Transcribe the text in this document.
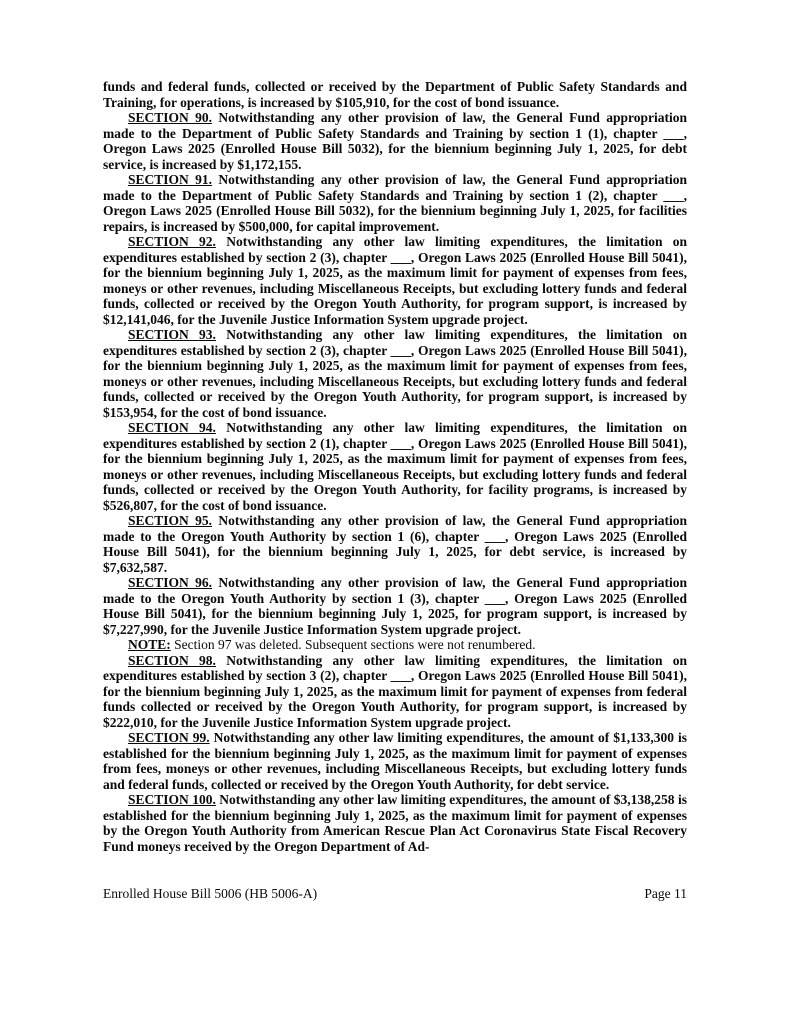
funds and federal funds, collected or received by the Department of Public Safety Standards and Training, for operations, is increased by $105,910, for the cost of bond issuance.

SECTION 90. Notwithstanding any other provision of law, the General Fund appropriation made to the Department of Public Safety Standards and Training by section 1 (1), chapter ___, Oregon Laws 2025 (Enrolled House Bill 5032), for the biennium beginning July 1, 2025, for debt service, is increased by $1,172,155.

SECTION 91. Notwithstanding any other provision of law, the General Fund appropriation made to the Department of Public Safety Standards and Training by section 1 (2), chapter ___, Oregon Laws 2025 (Enrolled House Bill 5032), for the biennium beginning July 1, 2025, for facilities repairs, is increased by $500,000, for capital improvement.

SECTION 92. Notwithstanding any other law limiting expenditures, the limitation on expenditures established by section 2 (3), chapter ___, Oregon Laws 2025 (Enrolled House Bill 5041), for the biennium beginning July 1, 2025, as the maximum limit for payment of expenses from fees, moneys or other revenues, including Miscellaneous Receipts, but excluding lottery funds and federal funds, collected or received by the Oregon Youth Authority, for program support, is increased by $12,141,046, for the Juvenile Justice Information System upgrade project.

SECTION 93. Notwithstanding any other law limiting expenditures, the limitation on expenditures established by section 2 (3), chapter ___, Oregon Laws 2025 (Enrolled House Bill 5041), for the biennium beginning July 1, 2025, as the maximum limit for payment of expenses from fees, moneys or other revenues, including Miscellaneous Receipts, but excluding lottery funds and federal funds, collected or received by the Oregon Youth Authority, for program support, is increased by $153,954, for the cost of bond issuance.

SECTION 94. Notwithstanding any other law limiting expenditures, the limitation on expenditures established by section 2 (1), chapter ___, Oregon Laws 2025 (Enrolled House Bill 5041), for the biennium beginning July 1, 2025, as the maximum limit for payment of expenses from fees, moneys or other revenues, including Miscellaneous Receipts, but excluding lottery funds and federal funds, collected or received by the Oregon Youth Authority, for facility programs, is increased by $526,807, for the cost of bond issuance.

SECTION 95. Notwithstanding any other provision of law, the General Fund appropriation made to the Oregon Youth Authority by section 1 (6), chapter ___, Oregon Laws 2025 (Enrolled House Bill 5041), for the biennium beginning July 1, 2025, for debt service, is increased by $7,632,587.

SECTION 96. Notwithstanding any other provision of law, the General Fund appropriation made to the Oregon Youth Authority by section 1 (3), chapter ___, Oregon Laws 2025 (Enrolled House Bill 5041), for the biennium beginning July 1, 2025, for program support, is increased by $7,227,990, for the Juvenile Justice Information System upgrade project.

NOTE: Section 97 was deleted. Subsequent sections were not renumbered.

SECTION 98. Notwithstanding any other law limiting expenditures, the limitation on expenditures established by section 3 (2), chapter ___, Oregon Laws 2025 (Enrolled House Bill 5041), for the biennium beginning July 1, 2025, as the maximum limit for payment of expenses from federal funds collected or received by the Oregon Youth Authority, for program support, is increased by $222,010, for the Juvenile Justice Information System upgrade project.

SECTION 99. Notwithstanding any other law limiting expenditures, the amount of $1,133,300 is established for the biennium beginning July 1, 2025, as the maximum limit for payment of expenses from fees, moneys or other revenues, including Miscellaneous Receipts, but excluding lottery funds and federal funds, collected or received by the Oregon Youth Authority, for debt service.

SECTION 100. Notwithstanding any other law limiting expenditures, the amount of $3,138,258 is established for the biennium beginning July 1, 2025, as the maximum limit for payment of expenses by the Oregon Youth Authority from American Rescue Plan Act Coronavirus State Fiscal Recovery Fund moneys received by the Oregon Department of Ad-

Enrolled House Bill 5006 (HB 5006-A)	Page 11
